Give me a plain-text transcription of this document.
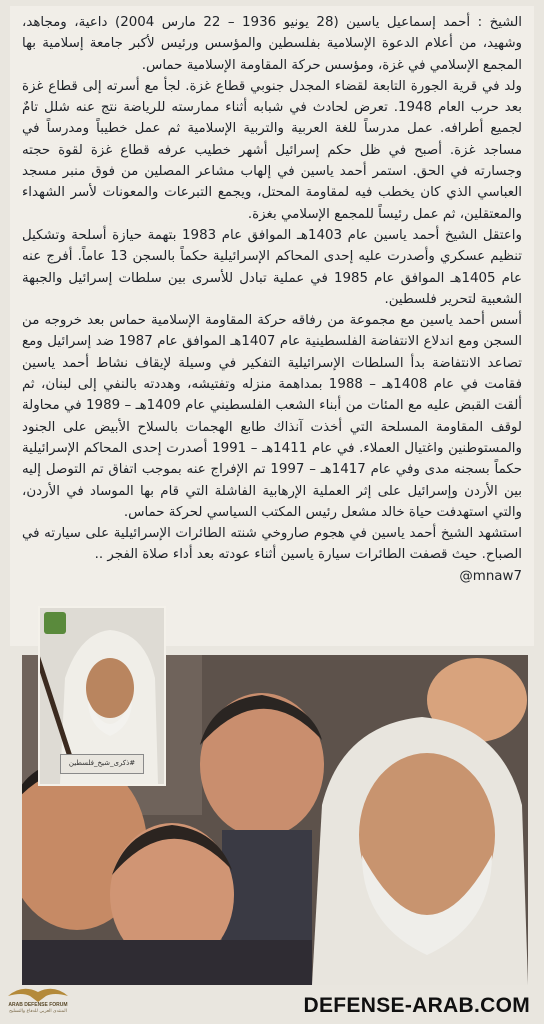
الشيخ : أحمد إسماعيل ياسين (28 يونيو 1936 – 22 مارس 2004) داعية، ومجاهد، وشهيد، من أعلام الدعوة الإسلامية بفلسطين والمؤسس ورئيس لأكبر جامعة إسلامية بها المجمع الإسلامي في غزة، ومؤسس حركة المقاومة الإسلامية حماس.

ولد في قرية الجورة التابعة لقضاء المجدل جنوبي قطاع غزة. لجأ مع أسرته إلى قطاع غزة بعد حرب العام 1948. تعرض لحادث في شبابه أثناء ممارسته للرياضة نتج عنه شلل تامٌ لجميع أطرافه. عمل مدرساً للغة العربية والتربية الإسلامية ثم عمل خطيباً ومدرساً في مساجد غزة. أصبح في ظل حكم إسرائيل أشهر خطيب عرفه قطاع غزة لقوة حجته وجسارته في الحق. استمر أحمد ياسين في إلهاب مشاعر المصلين من فوق منبر مسجد العباسي الذي كان يخطب فيه لمقاومة المحتل، ويجمع التبرعات والمعونات لأسر الشهداء والمعتقلين، ثم عمل رئيساً للمجمع الإسلامي بغزة.

واعتقل الشيخ أحمد ياسين عام 1403هـ الموافق عام 1983 بتهمة حيازة أسلحة وتشكيل تنظيم عسكري وأصدرت عليه إحدى المحاكم الإسرائيلية حكماً بالسجن 13 عاماً. أفرج عنه عام 1405هـ الموافق عام 1985 في عملية تبادل للأسرى بين سلطات إسرائيل والجبهة الشعبية لتحرير فلسطين.

أسس أحمد ياسين مع مجموعة من رفاقه حركة المقاومة الإسلامية حماس بعد خروجه من السجن ومع اندلاع الانتفاضة الفلسطينية عام 1407هـ الموافق عام 1987 ضد إسرائيل ومع تصاعد الانتفاضة بدأ السلطات الإسرائيلية التفكير في وسيلة لإيقاف نشاط أحمد ياسين فقامت في عام 1408هـ – 1988 بمداهمة منزله وتفتيشه، وهددته بالنفي إلى لبنان، ثم ألقت القبض عليه مع المئات من أبناء الشعب الفلسطيني عام 1409هـ – 1989 في محاولة لوقف المقاومة المسلحة التي أخذت آنذاك طابع الهجمات بالسلاح الأبيض على الجنود والمستوطنين واغتيال العملاء. في عام 1411هـ – 1991 أصدرت إحدى المحاكم الإسرائيلية حكماً بسجنه مدى وفي عام 1417هـ – 1997 تم الإفراج عنه بموجب اتفاق تم التوصل إليه بين الأردن وإسرائيل على إثر العملية الإرهابية الفاشلة التي قام بها الموساد في الأردن، والتي استهدفت حياة خالد مشعل رئيس المكتب السياسي لحركة حماس.

استشهد الشيخ أحمد ياسين في هجوم صاروخي شنته الطائرات الإسرائيلية على سيارته في الصباح. حيث قصفت الطائرات سيارة ياسين أثناء عودته بعد أداء صلاة الفجر ..

@mnaw7

#ذكرى_شيخ_فلسطين
ARAB DEFENSE FORUM
المنتدى العربي للدفاع والتسليح	DEFENSE-ARAB.COM
